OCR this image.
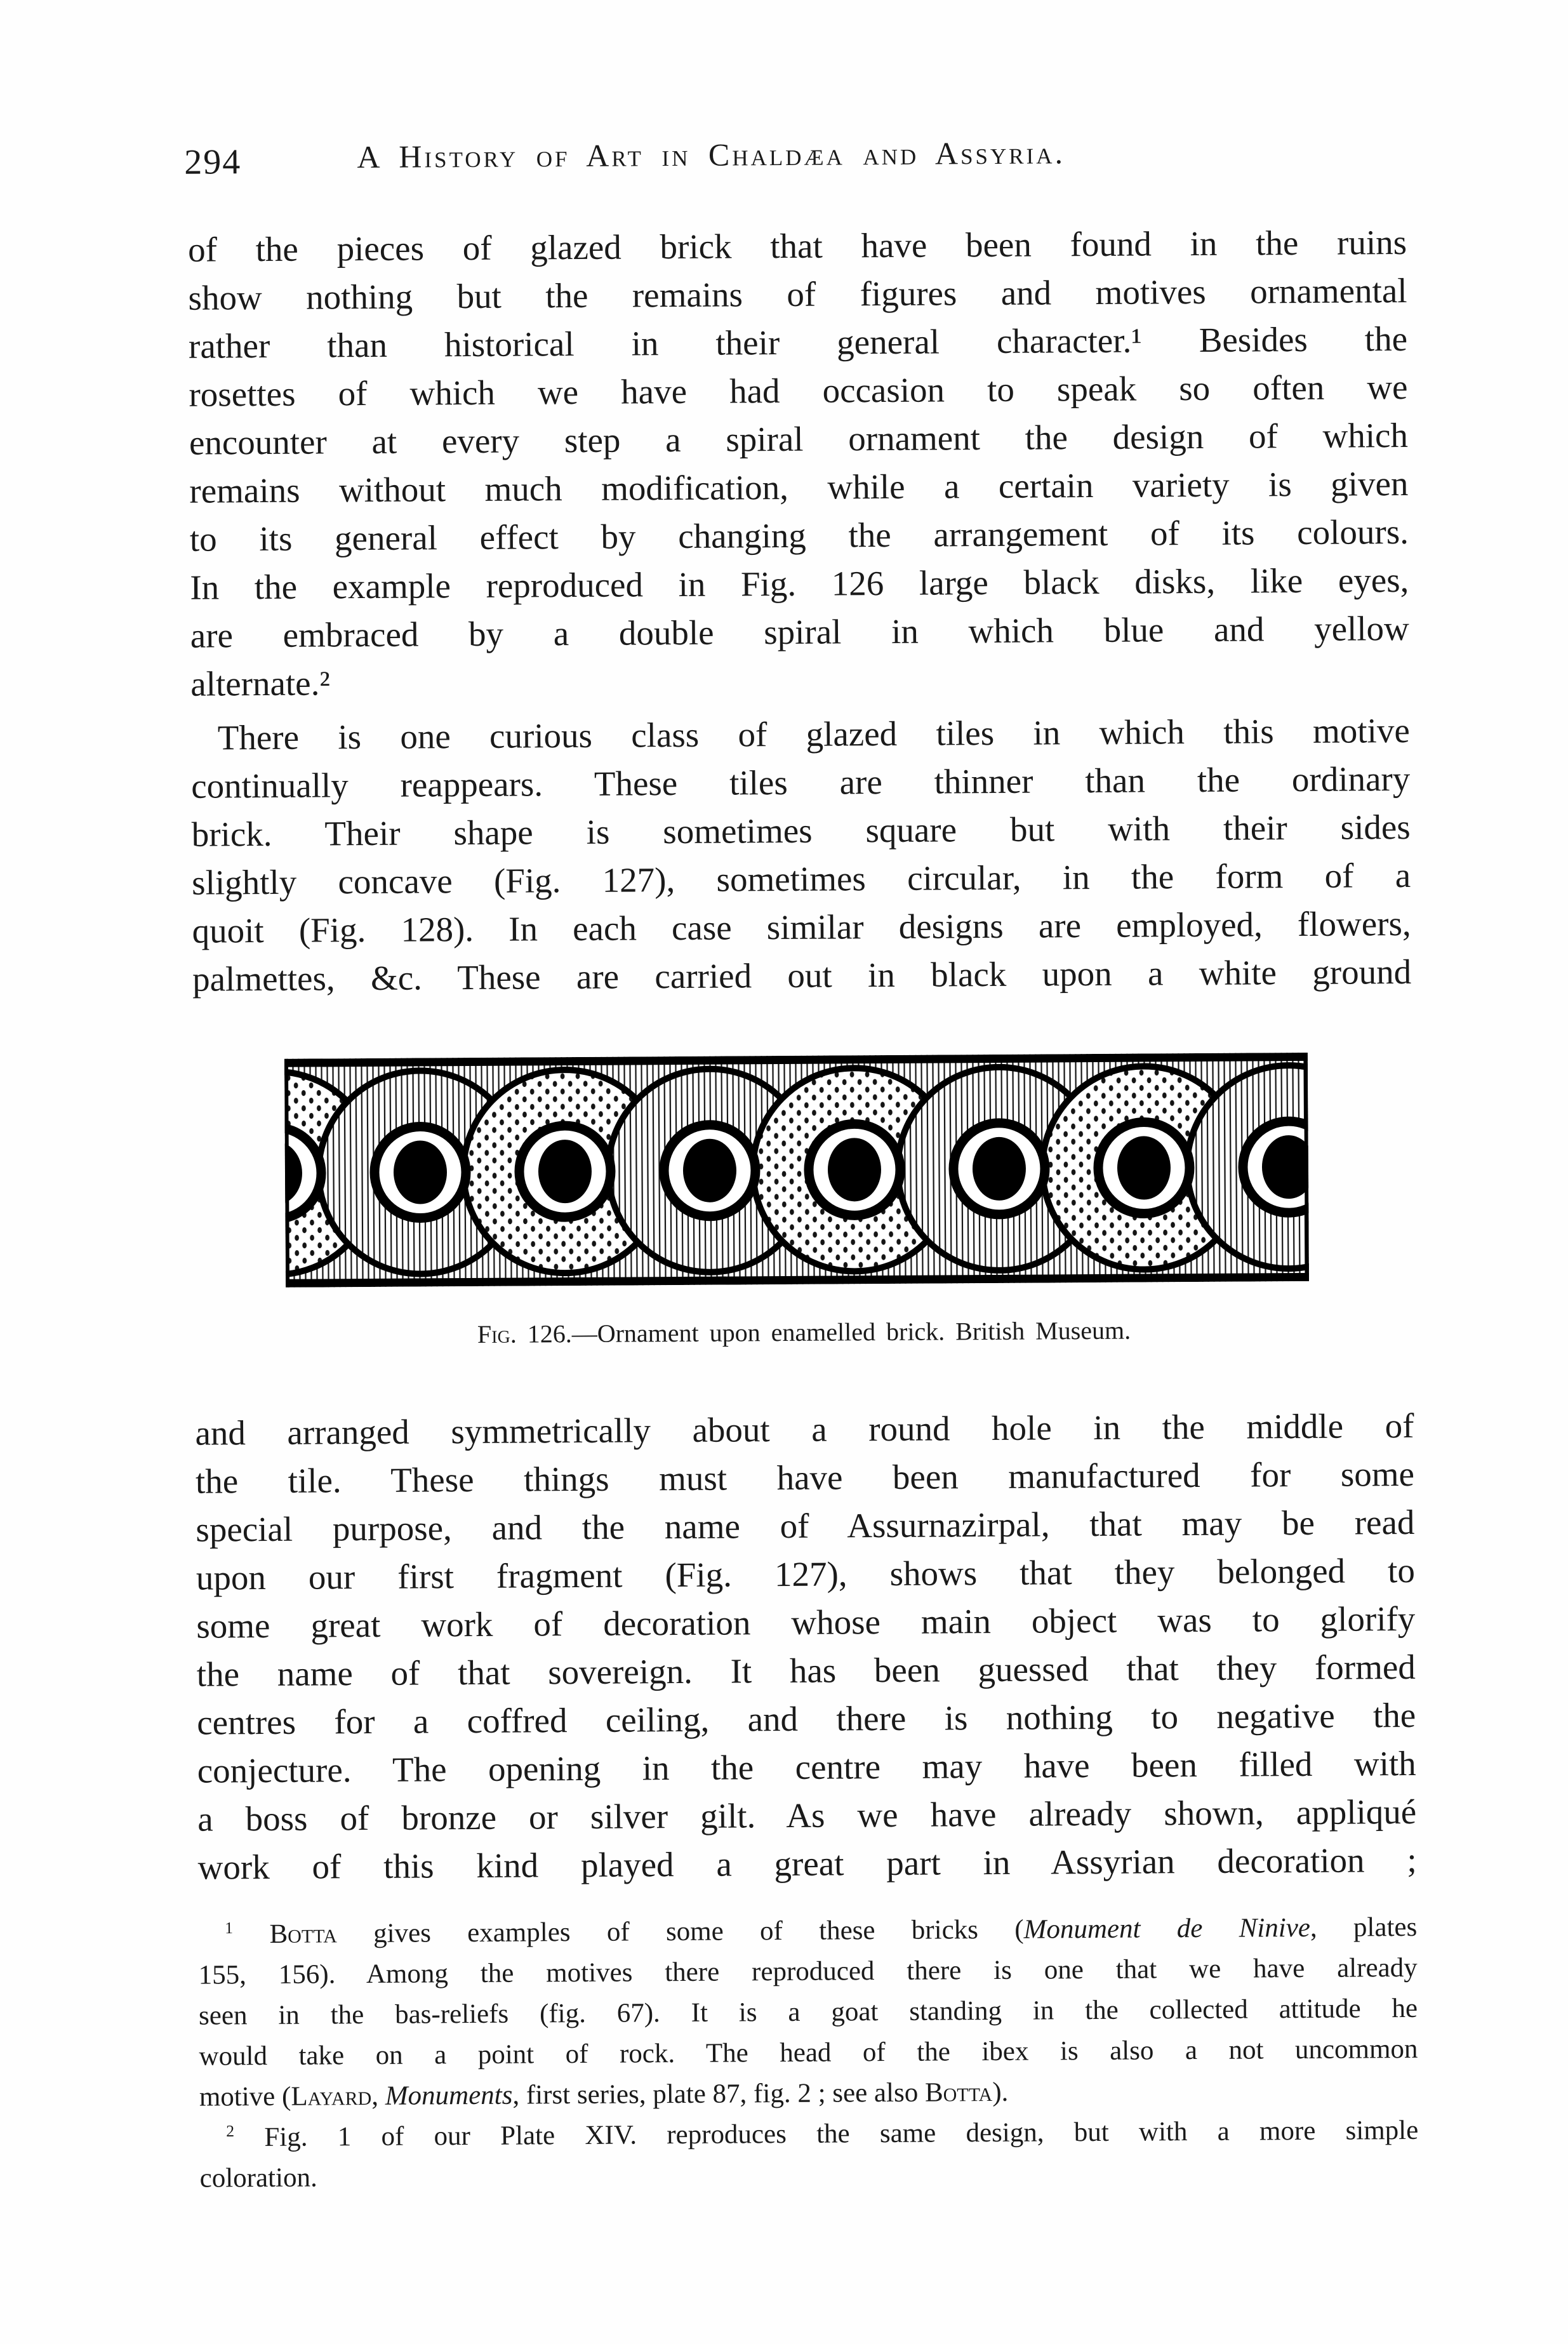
294	A History of Art in Chaldæa and Assyria.
of the pieces of glazed brick that have been found in the ruins
show nothing but the remains of figures and motives ornamental
rather than historical in their general character.¹ Besides the
rosettes of which we have had occasion to speak so often we
encounter at every step a spiral ornament the design of which
remains without much modification, while a certain variety is given
to its general effect by changing the arrangement of its colours.
In the example reproduced in Fig. 126 large black disks, like eyes,
are embraced by a double spiral in which blue and yellow
alternate.²
There is one curious class of glazed tiles in which this motive
continually reappears. These tiles are thinner than the ordinary
brick. Their shape is sometimes square but with their sides
slightly concave (Fig. 127), sometimes circular, in the form of a
quoit (Fig. 128). In each case similar designs are employed, flowers,
palmettes, &c. These are carried out in black upon a white ground
Fig. 126.—Ornament upon enamelled brick. British Museum.
and arranged symmetrically about a round hole in the middle of
the tile. These things must have been manufactured for some
special purpose, and the name of Assurnazirpal, that may be read
upon our first fragment (Fig. 127), shows that they belonged to
some great work of decoration whose main object was to glorify
the name of that sovereign. It has been guessed that they formed
centres for a coffred ceiling, and there is nothing to negative the
conjecture. The opening in the centre may have been filled with
a boss of bronze or silver gilt. As we have already shown, appliqué
work of this kind played a great part in Assyrian decoration ;
$^1$ Botta gives examples of some of these bricks (Monument de Ninive, plates
155, 156). Among the motives there reproduced there is one that we have already
seen in the bas-reliefs (fig. 67). It is a goat standing in the collected attitude he
would take on a point of rock. The head of the ibex is also a not uncommon
motive (Layard, Monuments, first series, plate 87, fig. 2 ; see also Botta).
$^2$ Fig. 1 of our Plate XIV. reproduces the same design, but with a more simple
coloration.
